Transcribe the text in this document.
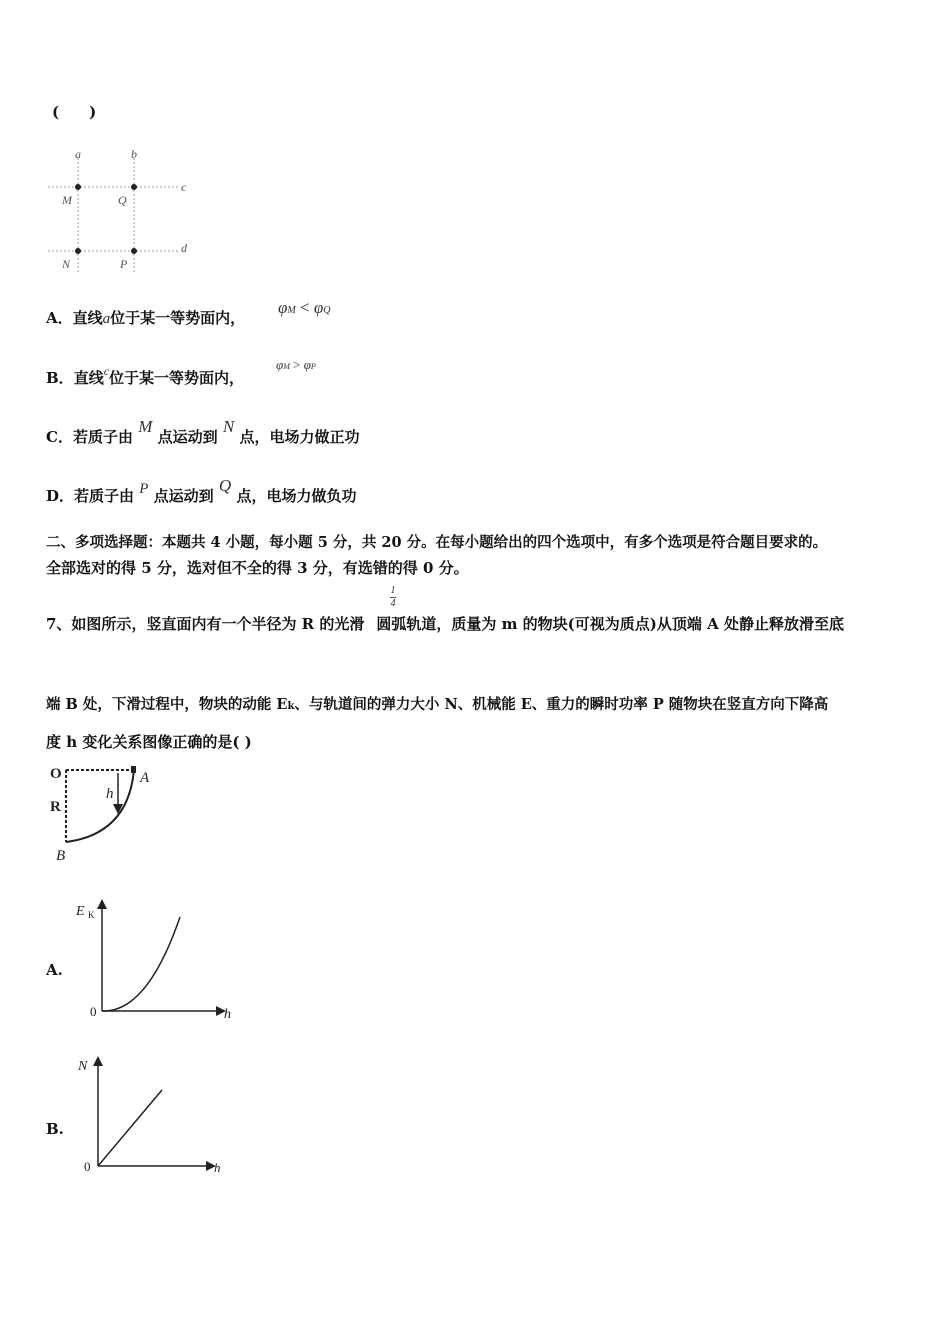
(　　)
a	b
c
d
M	Q
N	P
A．直线a位于某一等势面内，
φM < φQ
B．直线$^c$位于某一等势面内，
φM > φP
C．若质子由 M 点运动到 N 点，电场力做正功
D．若质子由 P 点运动到 Q 点，电场力做负功
二、多项选择题：本题共 4 小题，每小题 5 分，共 20 分。在每小题给出的四个选项中，有多个选项是符合题目要求的。
全部选对的得 5 分，选对但不全的得 3 分，有选错的得 0 分。
1
4
7、如图所示，竖直面内有一个半径为 R 的光滑 圆弧轨道，质量为 m 的物块(可视为质点)从顶端 A 处静止释放滑至底
端 B 处，下滑过程中，物块的动能 Ek、与轨道间的弹力大小 N、机械能 E、重力的瞬时功率 P 随物块在竖直方向下降高
度 h 变化关系图像正确的是( )
O
R
A
B
h
A.
E K
0	h
B.
N
0	h
